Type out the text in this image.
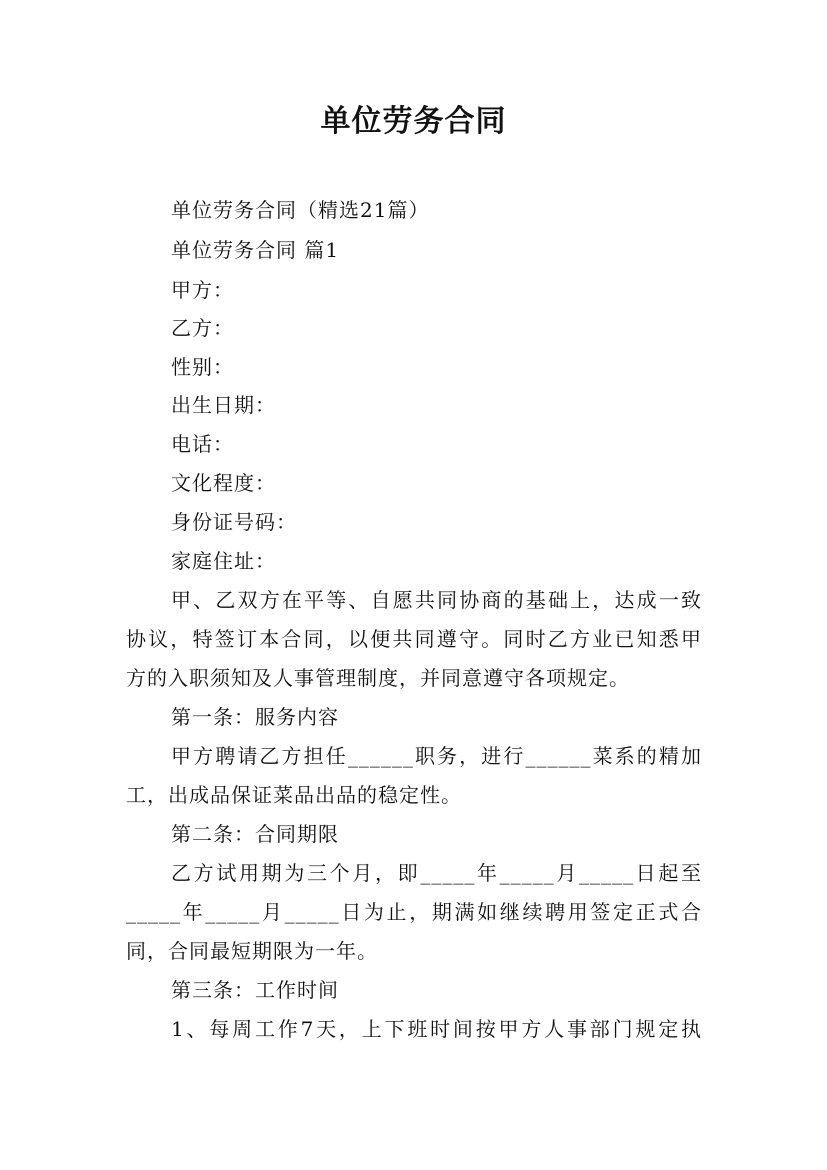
单位劳务合同
单位劳务合同（精选21篇）
单位劳务合同 篇1
甲方：
乙方：
性别：
出生日期：
电话：
文化程度：
身份证号码：
家庭住址：
甲、乙双方在平等、自愿共同协商的基础上，达成一致
协议，特签订本合同，以便共同遵守。同时乙方业已知悉甲
方的入职须知及人事管理制度，并同意遵守各项规定。
第一条：服务内容
甲方聘请乙方担任______职务，进行______菜系的精加
工，出成品保证菜品出品的稳定性。
第二条：合同期限
乙方试用期为三个月，即_____年_____月_____日起至
_____年_____月_____日为止，期满如继续聘用签定正式合
同，合同最短期限为一年。
第三条：工作时间
1、每周工作7天，上下班时间按甲方人事部门规定执
